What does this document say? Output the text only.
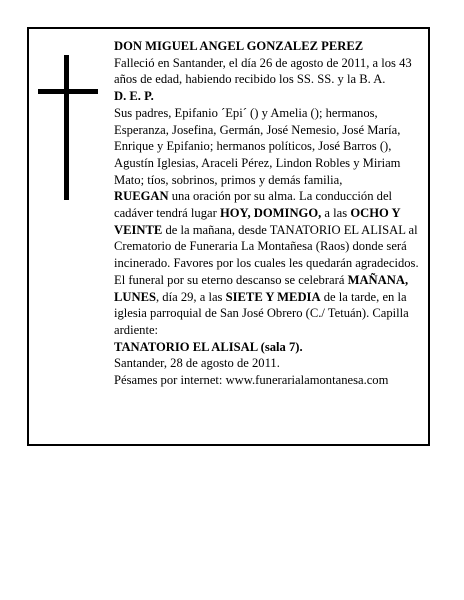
DON MIGUEL ANGEL GONZALEZ PEREZ

Falleció en Santander, el día 26 de agosto de 2011, a los 43 años de edad, habiendo recibido los SS. SS. y la B. A.

D. E. P.

Sus padres, Epifanio ´Epi´ () y Amelia (); hermanos, Esperanza, Josefina, Germán, José Nemesio, José María, Enrique y Epifanio; hermanos políticos, José Barros (), Agustín Iglesias, Araceli Pérez, Lindon Robles y Miriam Mato; tíos, sobrinos, primos y demás familia,

RUEGAN una oración por su alma. La conducción del cadáver tendrá lugar HOY, DOMINGO, a las OCHO Y VEINTE de la mañana, desde TANATORIO EL ALISAL al Crematorio de Funeraria La Montañesa (Raos) donde será incinerado. Favores por los cuales les quedarán agradecidos. El funeral por su eterno descanso se celebrará MAÑANA, LUNES, día 29, a las SIETE Y MEDIA de la tarde, en la iglesia parroquial de San José Obrero (C./ Tetuán). Capilla ardiente:

TANATORIO EL ALISAL (sala 7).

Santander, 28 de agosto de 2011.

Pésames por internet: www.funerarialamontanesa.com
